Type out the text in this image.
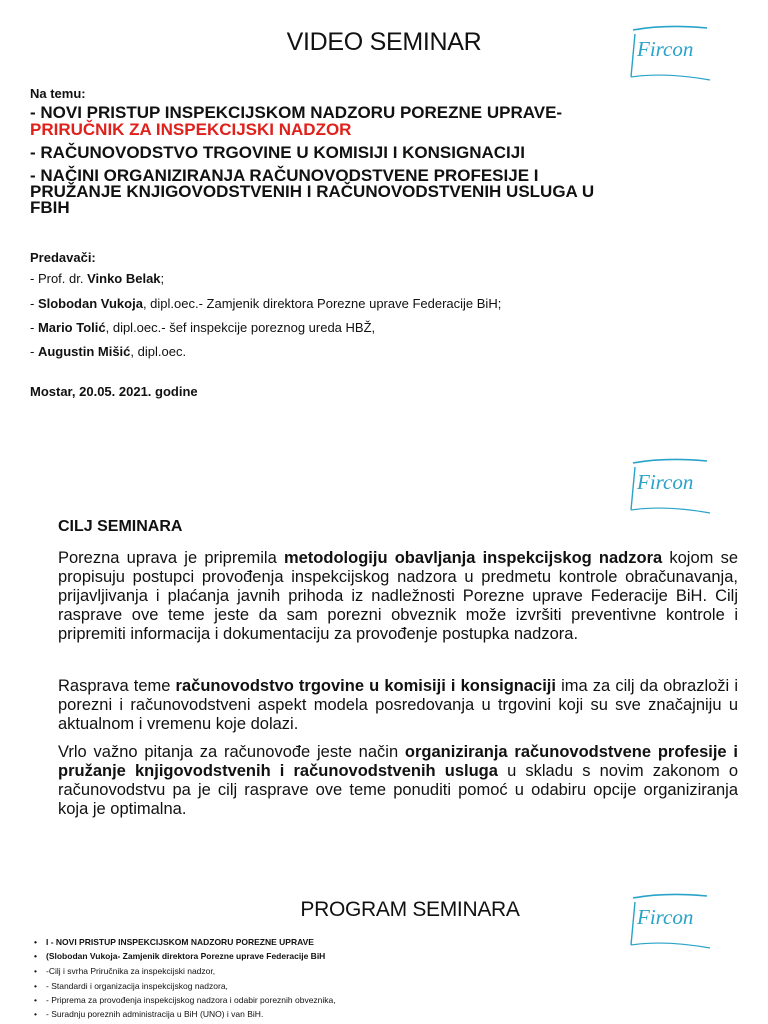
VIDEO SEMINAR	Fircon
Na temu:
- NOVI PRISTUP INSPEKCIJSKOM NADZORU POREZNE UPRAVE-
PRIRUČNIK ZA INSPEKCIJSKI NADZOR
- RAČUNOVODSTVO TRGOVINE U KOMISIJI I KONSIGNACIJI
- NAČINI ORGANIZIRANJA RAČUNOVODSTVENE PROFESIJE I
PRUŽANJE KNJIGOVODSTVENIH I RAČUNOVODSTVENIH USLUGA U
FBIH
Predavači:
- Prof. dr. Vinko Belak;
- Slobodan Vukoja, dipl.oec.- Zamjenik direktora Porezne uprave Federacije BiH;
- Mario Tolić, dipl.oec.- šef inspekcije poreznog ureda HBŽ,
- Augustin Mišić, dipl.oec.
Mostar, 20.05. 2021. godine
Fircon
CILJ SEMINARA

Porezna uprava je pripremila metodologiju obavljanja inspekcijskog nadzora kojom se propisuju postupci provođenja inspekcijskog nadzora u predmetu kontrole obračunavanja, prijavljivanja i plaćanja javnih prihoda iz nadležnosti Porezne uprave Federacije BiH. Cilj rasprave ove teme jeste da sam porezni obveznik može izvršiti preventivne kontrole i pripremiti informacija i dokumentaciju za provođenje postupka nadzora.

Rasprava teme računovodstvo trgovine u komisiji i konsignaciji ima za cilj da obrazloži i porezni i računovodstveni aspekt modela posredovanja u trgovini koji su sve značajniju u aktualnom i vremenu koje dolazi.

Vrlo važno pitanja za računovođe jeste način organiziranja računovodstvene profesije i pružanje knjigovodstvenih i računovodstvenih usluga u skladu s novim zakonom o računovodstvu pa je cilj rasprave ove teme ponuditi pomoć u odabiru opcije organiziranja koja je optimalna.

PROGRAM SEMINARA	Fircon
• I - NOVI PRISTUP INSPEKCIJSKOM NADZORU POREZNE UPRAVE
• (Slobodan Vukoja- Zamjenik direktora Porezne uprave Federacije BiH
• -Cilj i svrha Priručnika za inspekcijski nadzor,
• - Standardi i organizacija inspekcijskog nadzora,
• - Priprema za provođenja inspekcijskog nadzora i odabir poreznih obveznika,
• - Suradnju poreznih administracija u BiH (UNO) i van BiH.
